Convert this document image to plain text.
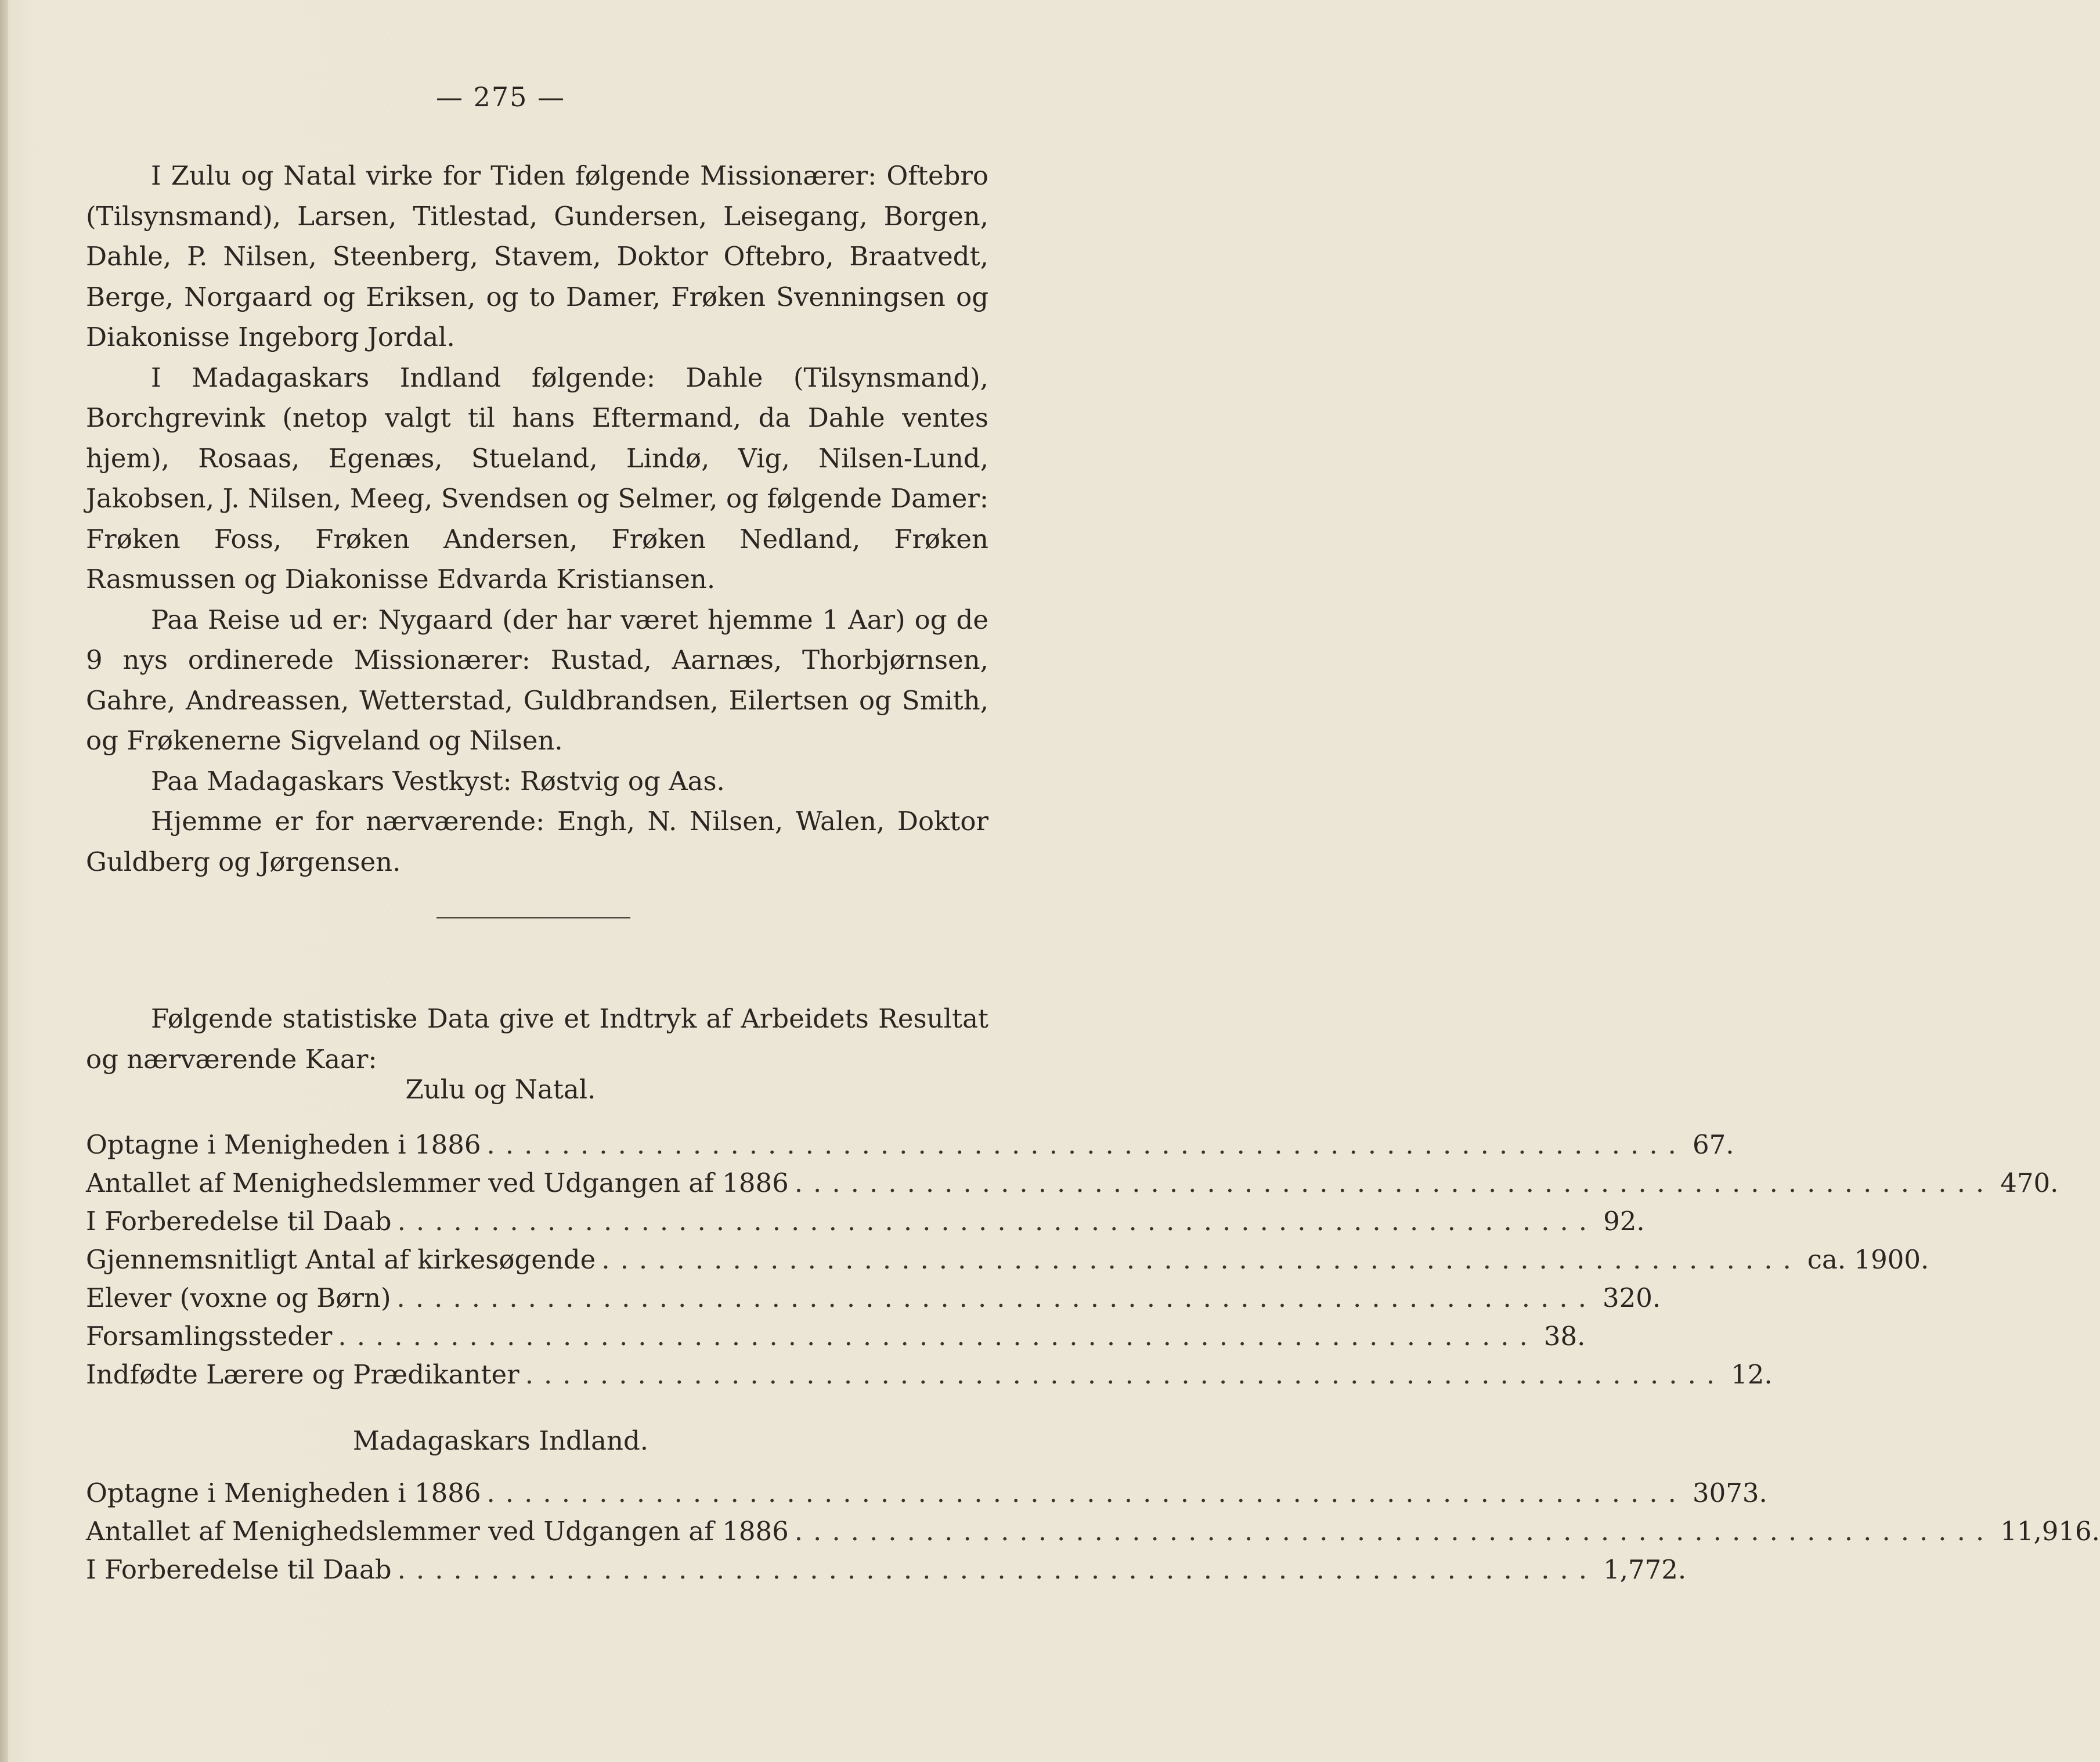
— 275 —

I Zulu og Natal virke for Tiden følgende Missionærer: Oftebro (Tilsynsmand), Larsen, Titlestad, Gundersen, Leisegang, Borgen, Dahle, P. Nilsen, Steenberg, Stavem, Doktor Oftebro, Braatvedt, Berge, Norgaard og Eriksen, og to Damer, Frøken Svenningsen og Diakonisse Ingeborg Jordal.

I Madagaskars Indland følgende: Dahle (Tilsynsmand), Borchgrevink (netop valgt til hans Eftermand, da Dahle ventes hjem), Rosaas, Egenæs, Stueland, Lindø, Vig, Nilsen-Lund, Jakobsen, J. Nilsen, Meeg, Svendsen og Selmer, og følgende Damer: Frøken Foss, Frøken Andersen, Frøken Nedland, Frøken Rasmussen og Diakonisse Edvarda Kristiansen.

Paa Reise ud er: Nygaard (der har været hjemme 1 Aar) og de 9 nys ordinerede Missionærer: Rustad, Aarnæs, Thorbjørnsen, Gahre, Andreassen, Wetterstad, Guldbrandsen, Eilertsen og Smith, og Frøkenerne Sigveland og Nilsen.

Paa Madagaskars Vestkyst: Røstvig og Aas.

Hjemme er for nærværende: Engh, N. Nilsen, Walen, Doktor Guldberg og Jørgensen.

Følgende statistiske Data give et Indtryk af Arbeidets Resultat og nærværende Kaar:

Zulu og Natal.
Optagne i Menigheden i 1886 ................................................................ 67.
Antallet af Menighedslemmer ved Udgangen af 1886 ................................................................ 470.
I Forberedelse til Daab ................................................................ 92.
Gjennemsnitligt Antal af kirkesøgende ................................................................ ca. 1900.
Elever (voxne og Børn) ................................................................ 320.
Forsamlingssteder ................................................................ 38.
Indfødte Lærere og Prædikanter ................................................................ 12.
Madagaskars Indland.
Optagne i Menigheden i 1886 ................................................................ 3073.
Antallet af Menighedslemmer ved Udgangen af 1886 ................................................................ 11,916.
I Forberedelse til Daab ................................................................ 1,772.
